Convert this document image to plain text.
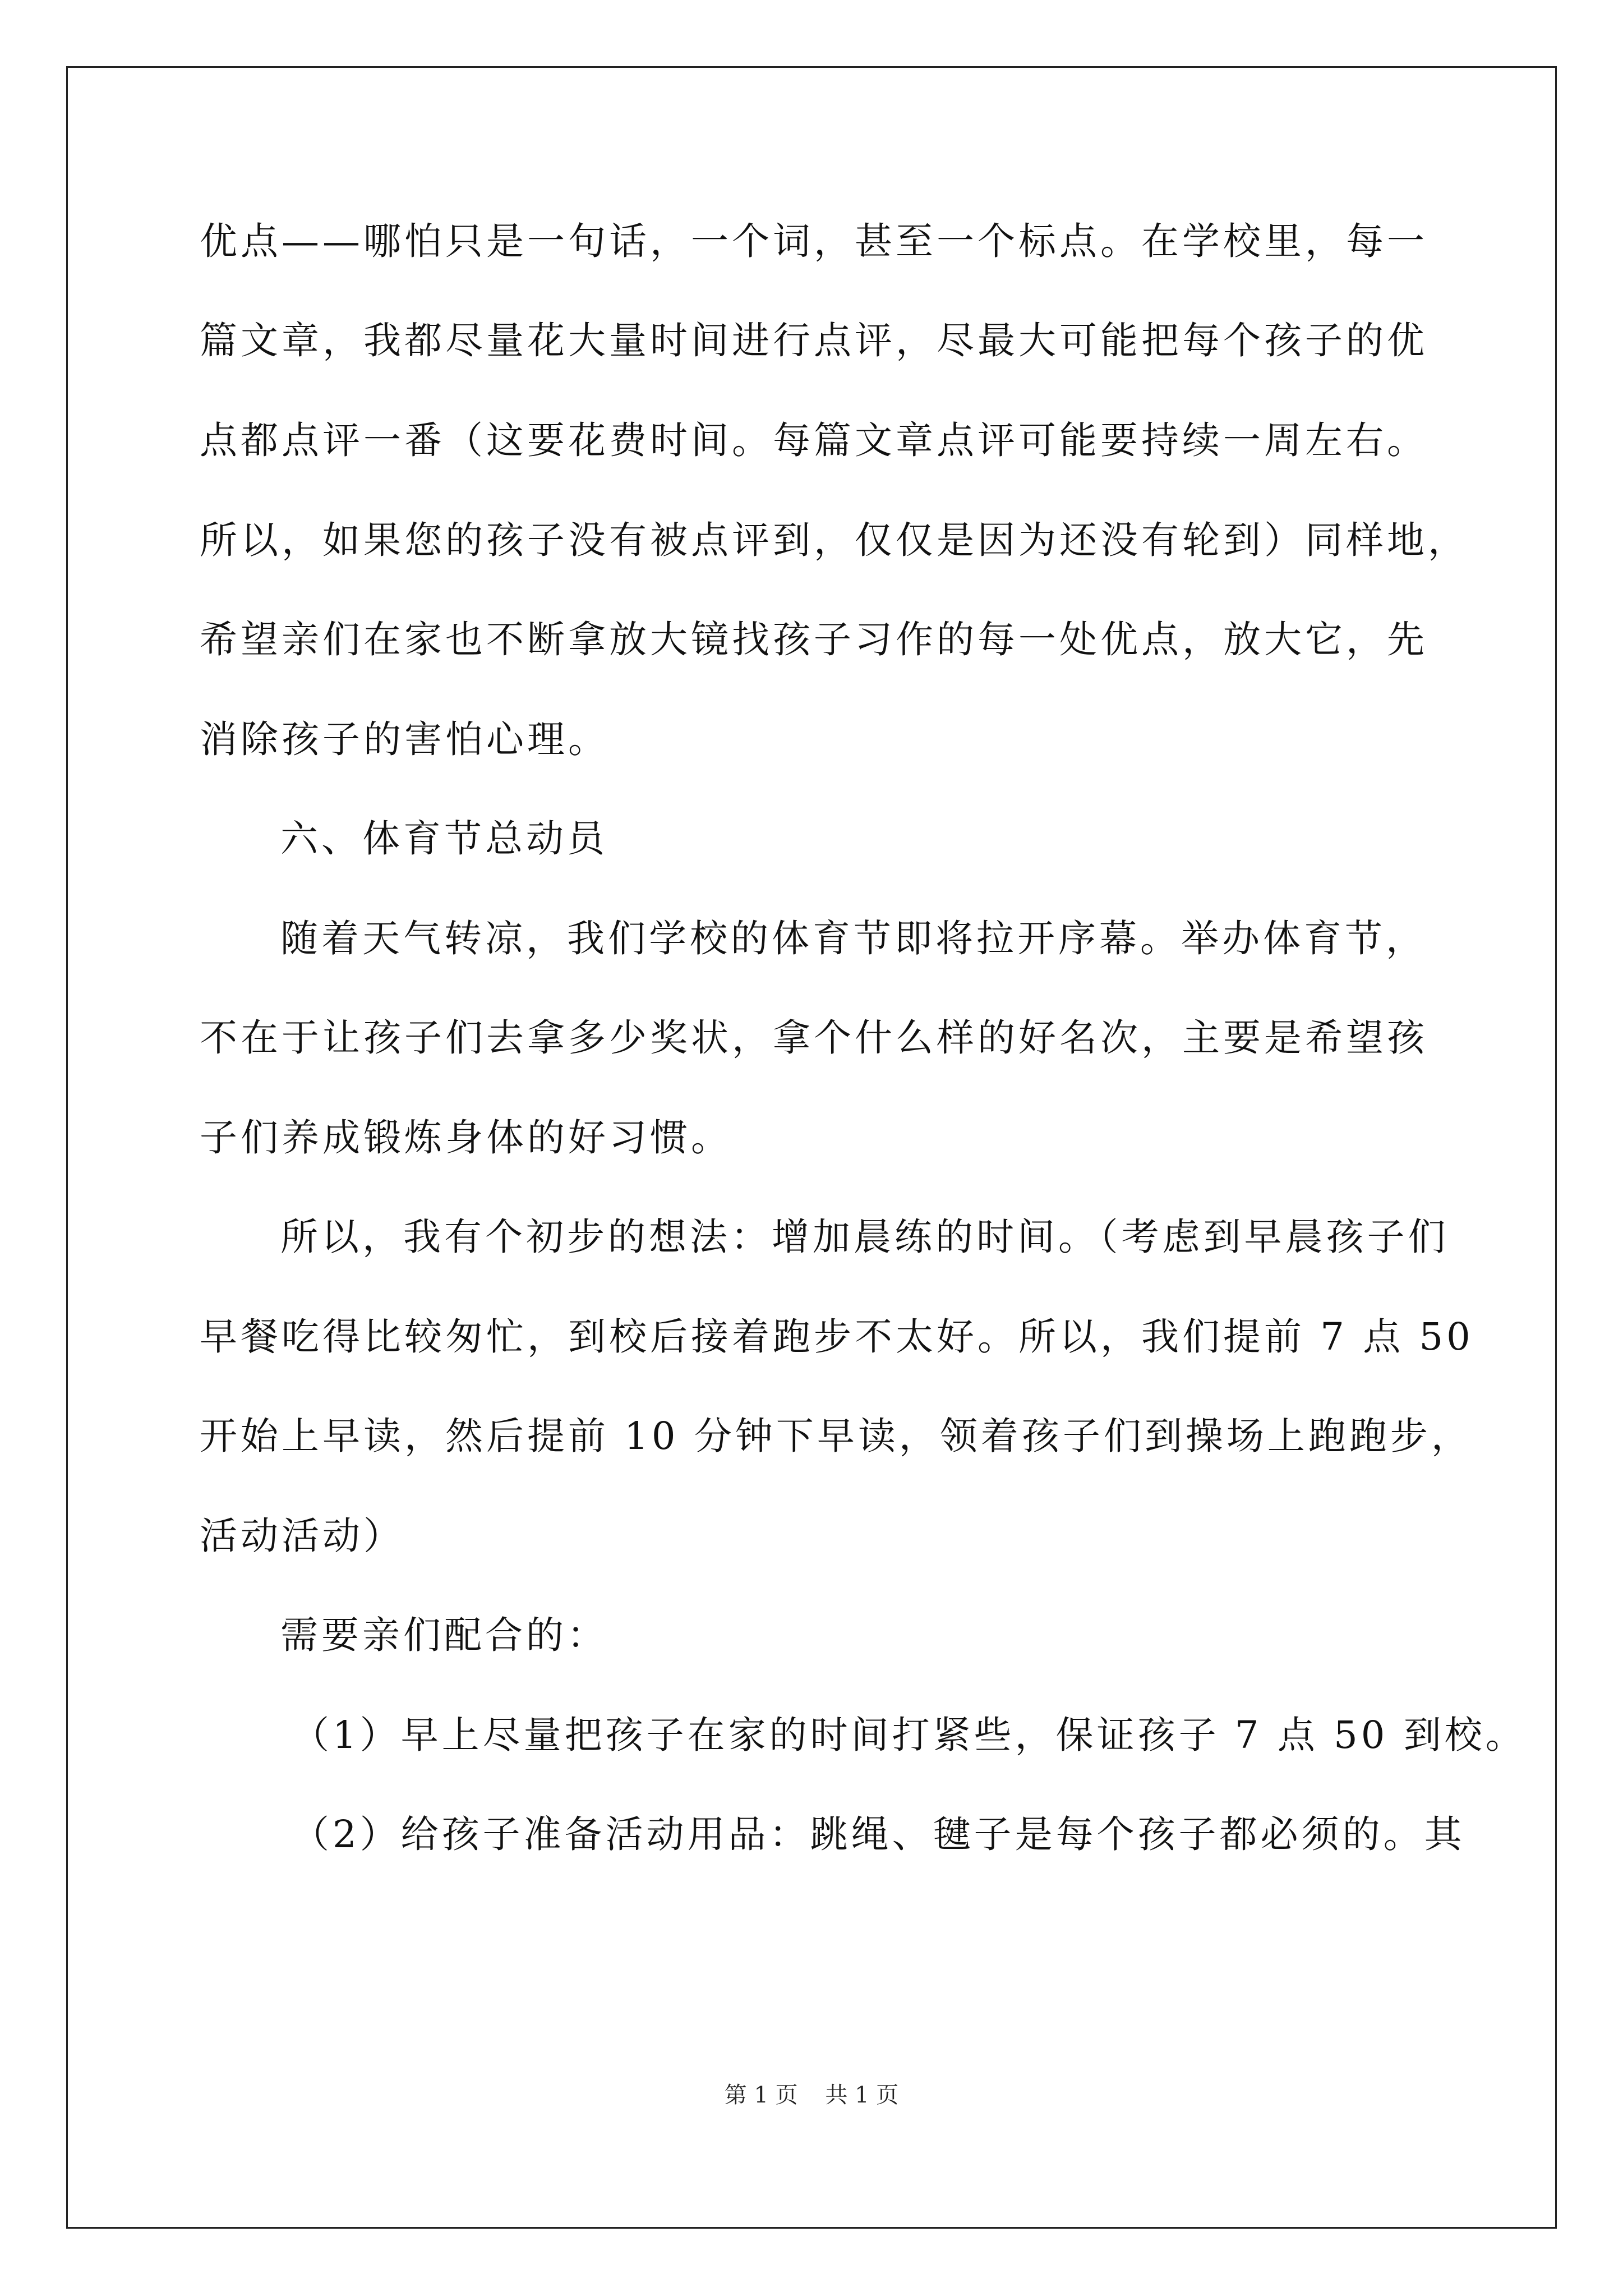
优点——哪怕只是一句话，一个词，甚至一个标点。在学校里，每一
篇文章，我都尽量花大量时间进行点评，尽最大可能把每个孩子的优
点都点评一番（这要花费时间。每篇文章点评可能要持续一周左右。
所以，如果您的孩子没有被点评到，仅仅是因为还没有轮到）同样地，
希望亲们在家也不断拿放大镜找孩子习作的每一处优点，放大它，先
消除孩子的害怕心理。
六、体育节总动员
随着天气转凉，我们学校的体育节即将拉开序幕。举办体育节，
不在于让孩子们去拿多少奖状，拿个什么样的好名次，主要是希望孩
子们养成锻炼身体的好习惯。
所以，我有个初步的想法：增加晨练的时间。（考虑到早晨孩子们
早餐吃得比较匆忙，到校后接着跑步不太好。所以，我们提前 7 点 50
开始上早读，然后提前 10 分钟下早读，领着孩子们到操场上跑跑步，
活动活动）
需要亲们配合的：
（1）早上尽量把孩子在家的时间打紧些，保证孩子 7 点 50 到校。
（2）给孩子准备活动用品：跳绳、毽子是每个孩子都必须的。其
第 1 页 共 1 页
